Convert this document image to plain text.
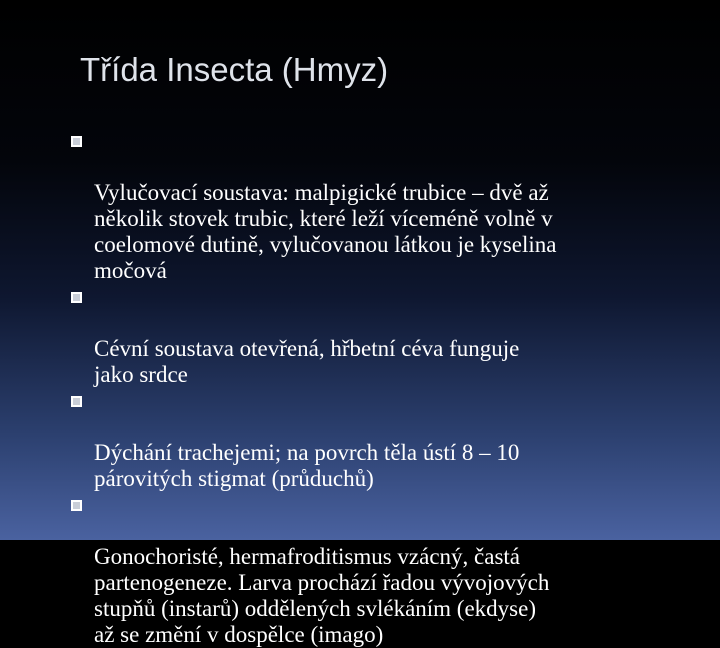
Třída Insecta (Hmyz)

Vylučovací soustava: malpigické trubice – dvě až
několik stovek trubic, které leží víceméně volně v
coelomové dutině, vylučovanou látkou je kyselina
močová

Cévní soustava otevřená, hřbetní céva funguje
jako srdce

Dýchání trachejemi; na povrch těla ústí 8 – 10
párovitých stigmat (průduchů)

Gonochoristé, hermafroditismus vzácný, častá
partenogeneze. Larva prochází řadou vývojových
stupňů (instarů) oddělených svlékáním (ekdyse)
až se změní v dospělce (imago)
